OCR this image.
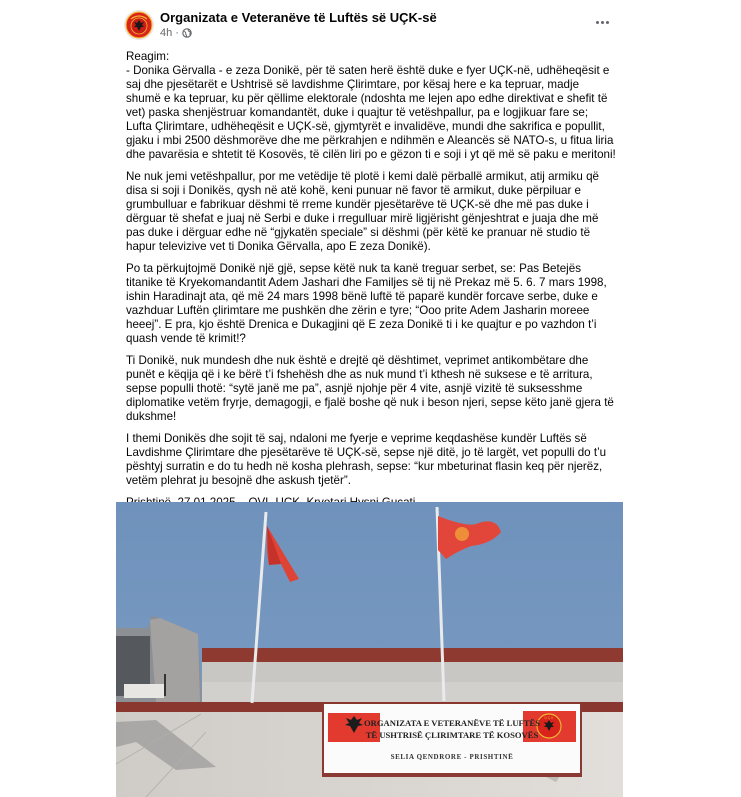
Organizata e Veteranëve të Luftës së UÇK-së
4h ·

Reagim:
- Donika Gërvalla - e zeza Donikë, për të saten herë është duke e fyer UÇK-në, udhëheqësit e saj dhe pjesëtarët e Ushtrisë së lavdishme Çlirimtare, por kësaj here e ka tepruar, madje shumë e ka tepruar, ku për qëllime elektorale (ndoshta me lejen apo edhe direktivat e shefit të vet) paska shenjëstruar komandantët, duke i quajtur të vetëshpallur, pa e logjikuar fare se; Lufta Çlirimtare, udhëheqësit e UÇK-së, gjymtyrët e invalidëve, mundi dhe sakrifica e popullit, gjaku i mbi 2500 dëshmorëve dhe me përkrahjen e ndihmën e Aleancës së NATO-s, u fitua liria dhe pavarësia e shtetit të Kosovës, të cilën liri po e gëzon ti e soji i yt që më së paku e meritoni!

Ne nuk jemi vetëshpallur, por me vetëdije të plotë i kemi dalë përballë armikut, atij armiku që disa si soji i Donikës, qysh në atë kohë, keni punuar në favor të armikut, duke përpiluar e grumbulluar e fabrikuar dëshmi të rreme kundër pjesëtarëve të UÇK-së dhe më pas duke i dërguar të shefat e juaj në Serbi e duke i rregulluar mirë ligjërisht gënjeshtrat e juaja dhe më pas duke i dërguar edhe në “gjykatën speciale” si dëshmi (për këtë ke pranuar në studio të hapur televizive vet ti Donika Gërvalla, apo E zeza Donikë).

Po ta përkujtojmë Donikë një gjë, sepse këtë nuk ta kanë treguar serbet, se: Pas Betejës titanike të Kryekomandantit Adem Jashari dhe Familjes së tij në Prekaz më 5. 6. 7 mars 1998, ishin Haradinajt ata, që më 24 mars 1998 bënë luftë të paparë kundër forcave serbe, duke e vazhduar Luftën çlirimtare me pushkën dhe zërin e tyre; “Ooo prite Adem Jasharin moreee heeej”. E pra, kjo është Drenica e Dukagjini që E zeza Donikë ti i ke quajtur e po vazhdon t’i quash vende të krimit!?

Ti Donikë, nuk mundesh dhe nuk është e drejtë që dështimet, veprimet antikombëtare dhe punët e këqija që i ke bërë t’i fshehësh dhe as nuk mund t’i kthesh në suksese e të arritura, sepse populli thotë: “sytë janë me pa”, asnjë njohje për 4 vite, asnjë vizitë të suksesshme diplomatike vetëm fryrje, demagogji, e fjalë boshe që nuk i beson njeri, sepse këto janë gjera të dukshme!

I themi Donikës dhe sojit të saj, ndaloni me fyerje e veprime keqdashëse kundër Luftës së Lavdishme Çlirimtare dhe pjesëtarëve të UÇK-së, sepse një ditë, jo të largët, vet populli do t’u pështyj surratin e do tu hedh në kosha plehrash, sepse: “kur mbeturinat flasin keq për njerëz, vetëm plehrat ju besojnë dhe askush tjetër”.

U Ç K
ORGANIZATA E VETERANËVE TË LUFTËS
TË USHTRISË ÇLIRIMTARE TË KOSOVËS
SELIA QENDRORE - PRISHTINË
